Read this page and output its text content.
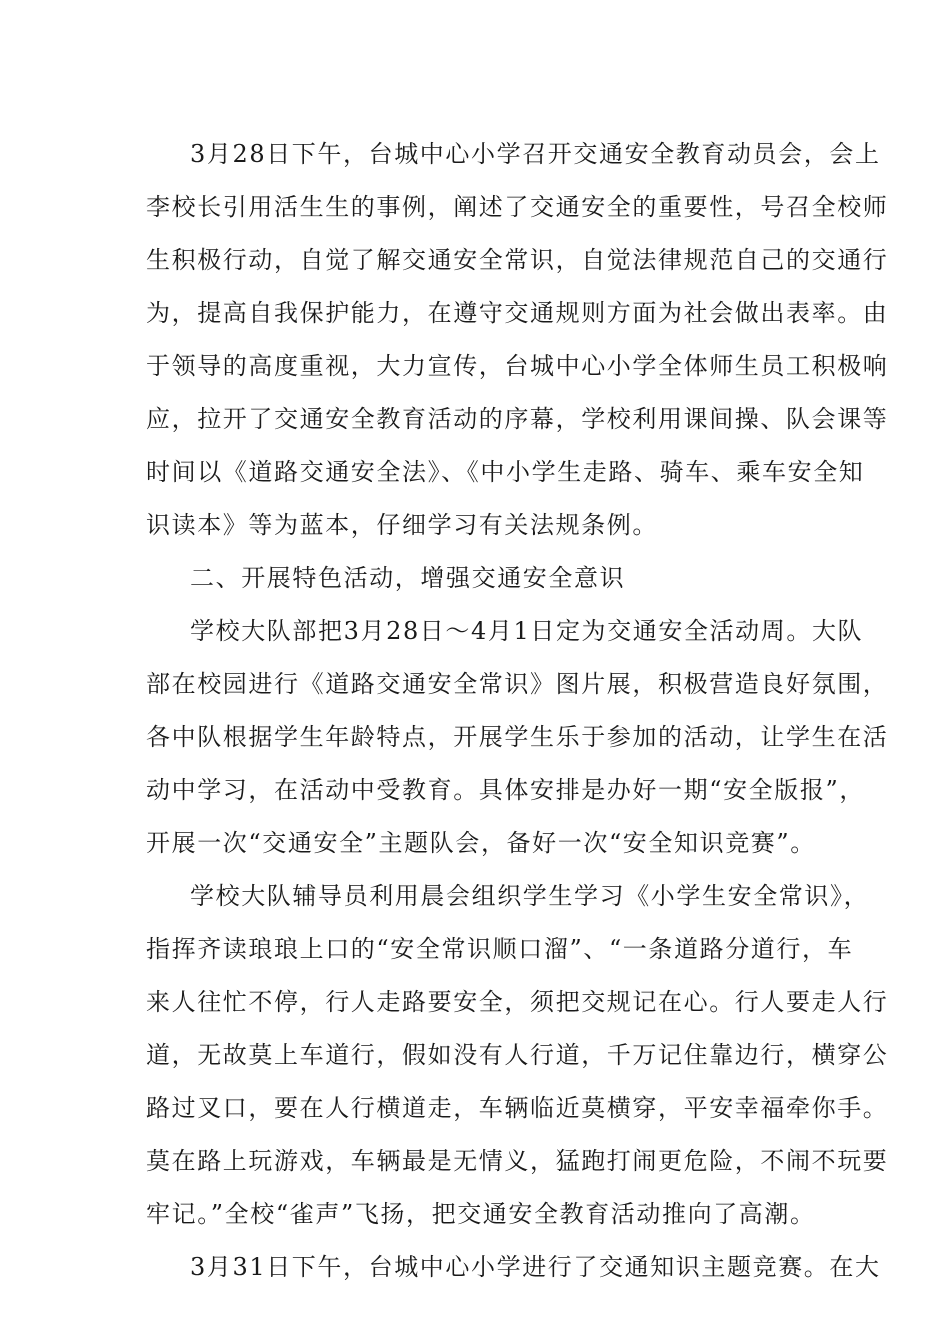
3月28日下午，台城中心小学召开交通安全教育动员会，会上
李校长引用活生生的事例，阐述了交通安全的重要性，号召全校师
生积极行动，自觉了解交通安全常识，自觉法律规范自己的交通行
为，提高自我保护能力，在遵守交通规则方面为社会做出表率。由
于领导的高度重视，大力宣传，台城中心小学全体师生员工积极响
应，拉开了交通安全教育活动的序幕，学校利用课间操、队会课等
时间以《道路交通安全法》、《中小学生走路、骑车、乘车安全知
识读本》等为蓝本，仔细学习有关法规条例。
二、开展特色活动，增强交通安全意识
学校大队部把3月28日～4月1日定为交通安全活动周。大队
部在校园进行《道路交通安全常识》图片展，积极营造良好氛围，
各中队根据学生年龄特点，开展学生乐于参加的活动，让学生在活
动中学习，在活动中受教育。具体安排是办好一期“安全版报”，
开展一次“交通安全”主题队会，备好一次“安全知识竞赛”。
学校大队辅导员利用晨会组织学生学习《小学生安全常识》，
指挥齐读琅琅上口的“安全常识顺口溜”、“一条道路分道行，车
来人往忙不停，行人走路要安全，须把交规记在心。行人要走人行
道，无故莫上车道行，假如没有人行道，千万记住靠边行，横穿公
路过叉口，要在人行横道走，车辆临近莫横穿，平安幸福牵你手。
莫在路上玩游戏，车辆最是无情义，猛跑打闹更危险，不闹不玩要
牢记。”全校“雀声”飞扬，把交通安全教育活动推向了高潮。
3月31日下午，台城中心小学进行了交通知识主题竞赛。在大
